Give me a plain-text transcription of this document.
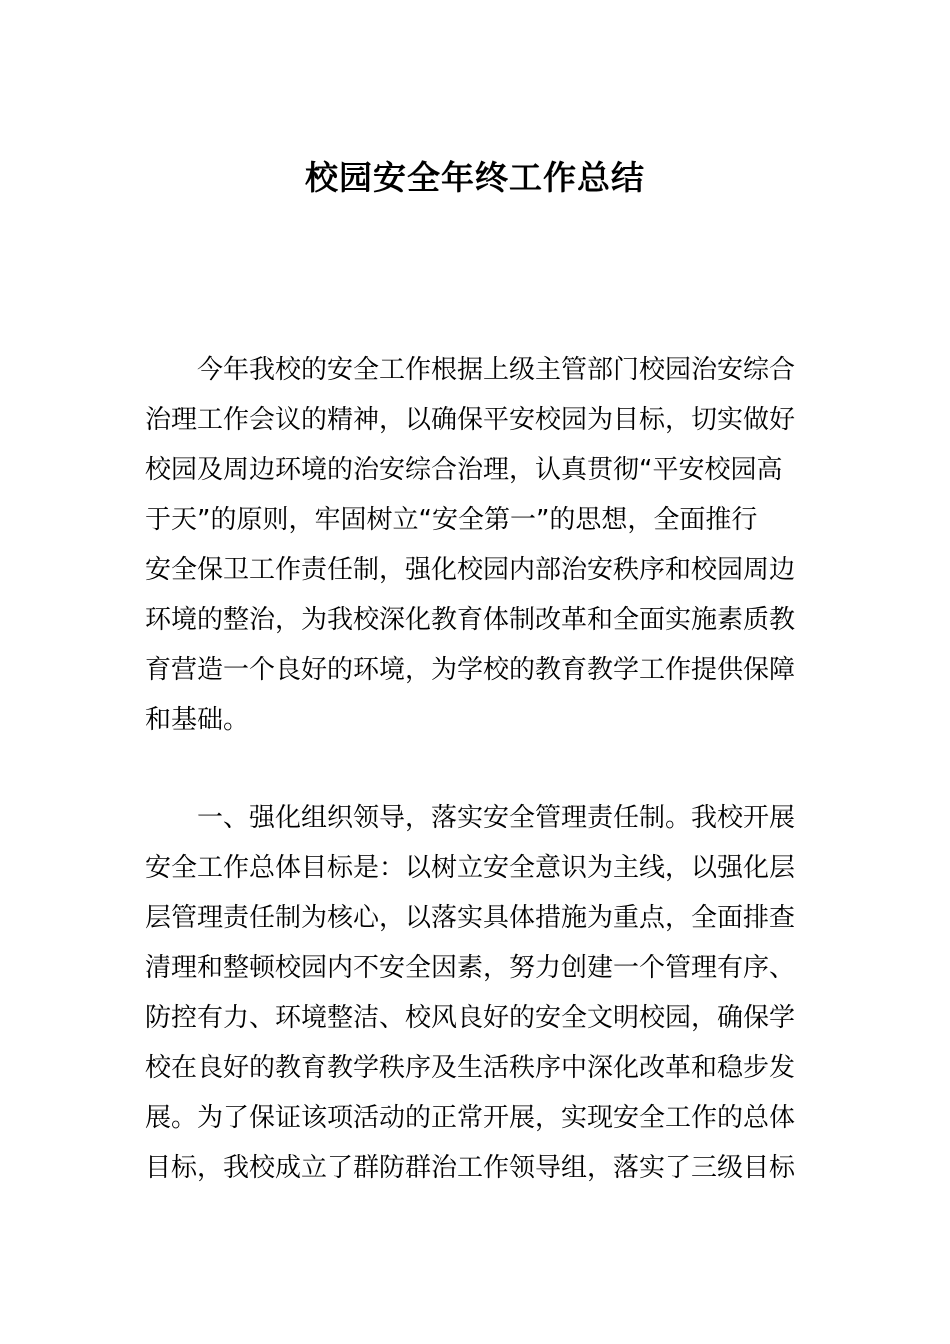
校园安全年终工作总结
今年我校的安全工作根据上级主管部门校园治安综合
治理工作会议的精神，以确保平安校园为目标，切实做好
校园及周边环境的治安综合治理，认真贯彻“平安校园高
于天”的原则，牢固树立“安全第一”的思想，全面推行
安全保卫工作责任制，强化校园内部治安秩序和校园周边
环境的整治，为我校深化教育体制改革和全面实施素质教
育营造一个良好的环境，为学校的教育教学工作提供保障
和基础。
一、强化组织领导，落实安全管理责任制。我校开展
安全工作总体目标是：以树立安全意识为主线，以强化层
层管理责任制为核心，以落实具体措施为重点，全面排查
清理和整顿校园内不安全因素，努力创建一个管理有序、
防控有力、环境整洁、校风良好的安全文明校园，确保学
校在良好的教育教学秩序及生活秩序中深化改革和稳步发
展。为了保证该项活动的正常开展，实现安全工作的总体
目标，我校成立了群防群治工作领导组，落实了三级目标
